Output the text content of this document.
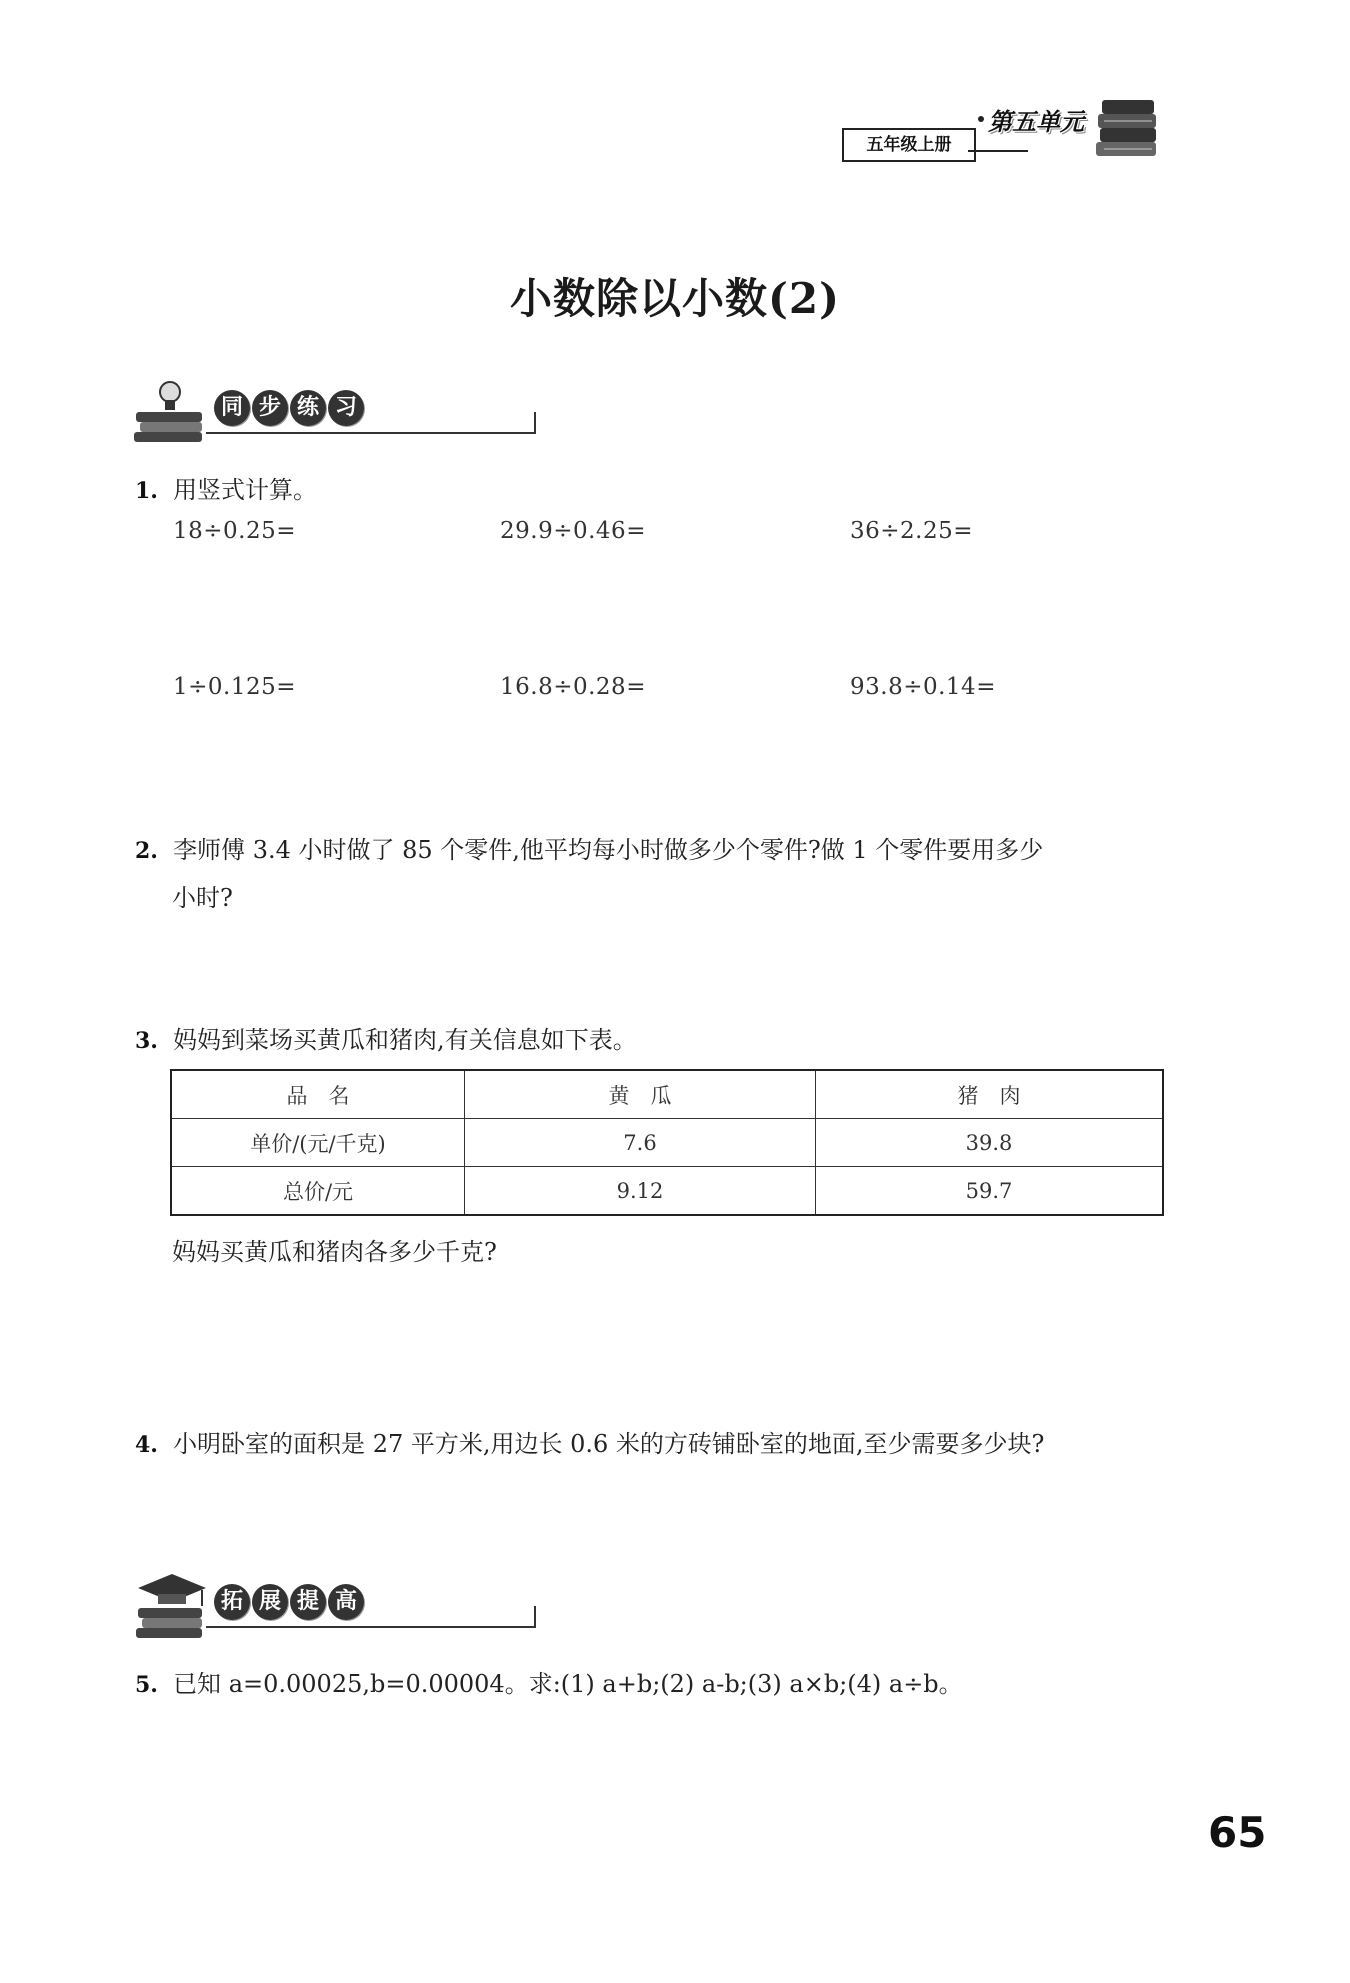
五年级上册
第五单元
小数除以小数(2)
同 步 练 习
1. 用竖式计算。
18÷0.25=	29.9÷0.46=	36÷2.25=
1÷0.125=	16.8÷0.28=	93.8÷0.14=
2. 李师傅 3.4 小时做了 85 个零件,他平均每小时做多少个零件?做 1 个零件要用多少
小时?
3. 妈妈到菜场买黄瓜和猪肉,有关信息如下表。
品　名	黄　瓜	猪　肉
单价/(元/千克)	7.6	39.8
总价/元	9.12	59.7
妈妈买黄瓜和猪肉各多少千克?
4. 小明卧室的面积是 27 平方米,用边长 0.6 米的方砖铺卧室的地面,至少需要多少块?
拓 展 提 高
5. 已知 a=0.00025,b=0.00004。求:(1) a+b;(2) a-b;(3) a×b;(4) a÷b。
65
